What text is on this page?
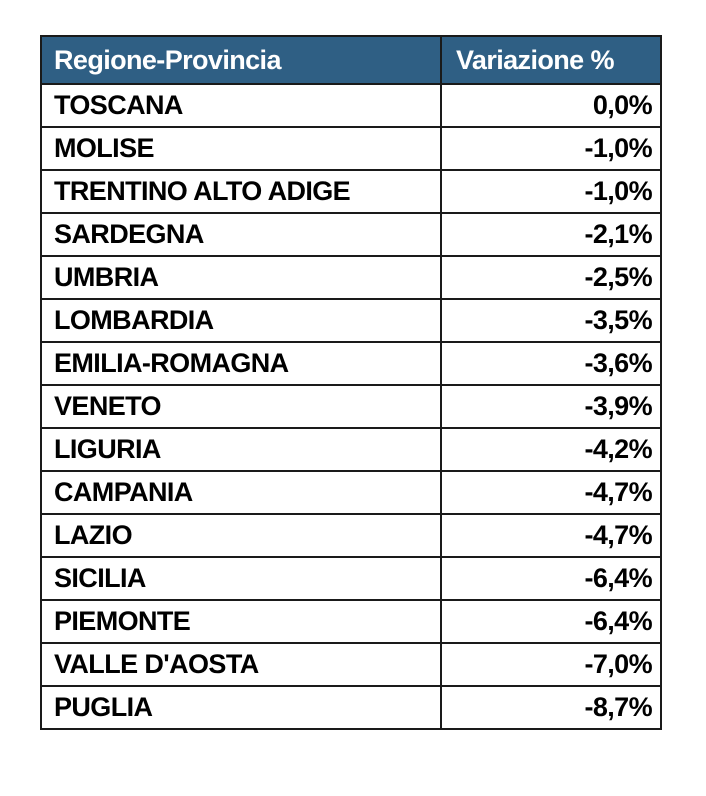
Regione-Provincia	Variazione %
TOSCANA	0,0%
MOLISE	-1,0%
TRENTINO ALTO ADIGE	-1,0%
SARDEGNA	-2,1%
UMBRIA	-2,5%
LOMBARDIA	-3,5%
EMILIA-ROMAGNA	-3,6%
VENETO	-3,9%
LIGURIA	-4,2%
CAMPANIA	-4,7%
LAZIO	-4,7%
SICILIA	-6,4%
PIEMONTE	-6,4%
VALLE D'AOSTA	-7,0%
PUGLIA	-8,7%
